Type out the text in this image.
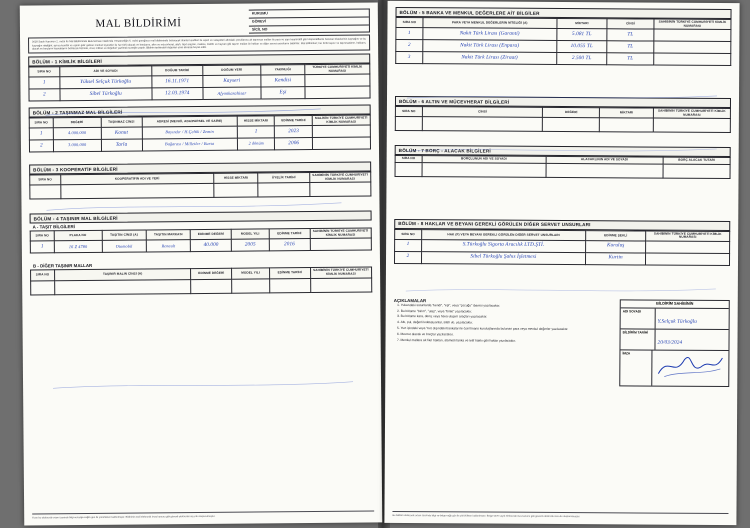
MAL BİLDİRİMİ
KURUMU
GÖREVİ
SİCİL NO
3628 Sayılı Kanunun 2. md'si ile Mal Bildiriminde Bulunulması Hakkında Yönetmeliğin 5. md'si gereğince mal bildiriminde bulunacak olanlar kendileri ile eşleri ve velayetleri altındaki çocuklarına ait taşınmaz malları ile para ve yapı kooperatifi gibi kooperatiflerde bulunan hisselerinin kaynağını ve bu kaynağın niteliğini; ayrıca kendisi ve eşinin gelir getiren menkul kıymetler ile her türlü alacak ve borçlarını, altın ve mücevherat, silah, taşıt araçları, makine, traktör ve hayvan gibi taşınır malları ile hakları ve diğer servet unsurlarını bildirirler. Mal bildirimleri; her türlü taşınır ve taşınmazların, hakların, alacak ve borçların kaynaklarını belirtecek biçimde, cinsi, miktarı ve değerleri yazılmak suretiyle yapılır. Bildirim tarihindeki değerleri esas alınarak beyan edilir.
BÖLÜM - 1 KİMLİK BİLGİLERİ
SIRA NO	ADI VE SOYADI	DOĞUM TARİHİ	DOĞUM YERİ	YAKINLIĞI	TÜRKİYE CUMHURİYETİ KİMLİK NUMARASI
1	Yüksel Selçuk Türkoğlu	16.11.1971	Kayseri	Kendisi	
2	Sibel Türkoğlu	12.03.1974	Afyonkarahisar	Eşi	
BÖLÜM - 2 TAŞINMAZ MAL BİLGİLERİ
SIRA NO	DEĞERİ	TAŞINMAZ CİNSİ	ADRESİ (MEVKİİ, ADA/PARSEL VE SAİRE)	HİSSE MİKTARI	EDİNME TARİHİ	MALİKİN TÜRKİYE CUMHURİYETİ KİMLİK NUMARASI
1	4.000.000	Konut	Bayındır / H.Çeltik / Zemin	1	2023	
2	3.000.000	Tarla	Bağarası / Milletler / Bursa	2 dönüm	2006	
BÖLÜM - 3 KOOPERATİF BİLGİLERİ
SIRA NO	KOOPERATİFİN ADI VE YERİ	HİSSE MİKTARI	ÜYELİK TARİHİ	SAHİBİNİN TÜRKİYE CUMHURİYETİ KİMLİK NUMARASI

BÖLÜM - 4 TAŞINIR MAL BİLGİLERİ
A - TAŞIT BİLGİLERİ
SIRA NO	PLAKA NO	TAŞITIN CİNSİ (A)	TAŞITIN MARKASI	EDİNME DEĞERİ	MODEL YILI	EDİNME TARİHİ	SAHİBİNİN TÜRKİYE CUMHURİYETİ KİMLİK NUMARASI
1	16 Z 4780	Otomobil	Renault	40.000	2005	2016	
B - DİĞER TAŞINIR MALLAR
SIRA NO	TAŞINIR MALIN CİNSİ (A)	EDİNME DEĞERİ	MODEL YILI	EDİNME TARİHİ	SAHİBİNİN TÜRKİYE CUMHURİYETİ KİMLİK NUMARASI

Form bu elektronik ortam üzerinde bilgi-ve-belge-sağlılı gün ile yürürlükten kaldırılmıştır. Bildirimin mali elektronik imza kanunu gibi güvenli elektronik imza ile oluşturulmuştur.
BÖLÜM - 5 BANKA VE MENKUL DEĞERLERE AİT BİLGİLER
SIRA NO	PARA VEYA MENKUL DEĞERLERİN NİTELİĞİ (A)	MİKTARI	CİNSİ	SAHİBİNİN TÜRKİYE CUMHURİYETİ KİMLİK NUMARASI
1	Nakit Türk Lirası (Garanti)	5.081 TL	TL	
2	Nakit Türk Lirası (Enpara)	10.055 TL	TL	
3	Nakit Türk Lirası (Ziraat)	2.500 TL	TL	
BÖLÜM - 6 ALTIN VE MÜCEVHERAT BİLGİLERİ
SIRA NO	CİNSİ	DEĞERİ	MİKTARI	SAHİBİNİN TÜRKİYE CUMHURİYETİ KİMLİK NUMARASI

BÖLÜM - 7 BORÇ - ALACAK BİLGİLERİ
SIRA NO	BORÇLUNUN ADI VE SOYADI	ALACAKLININ ADI VE SOYADI	BORÇ ALACAK TUTARI

BÖLÜM - 8 HAKLAR VE BEYANI GEREKLİ GÖRÜLEN DİĞER SERVET UNSURLARI
SIRA NO	HAK (F) VEYA BEYANI GEREKLİ GÖRÜLEN DİĞER SERVET UNSURLARI	EDİNME ŞEKLİ	SAHİBİNİN TÜRKİYE CUMHURİYETİ KİMLİK NUMARASI
1	S.Türkoğlu Sigorta Aracılık LTD.ŞTİ.	Kuruluş	
2	Sibel Türkoğlu Şahıs İşletmesi	Kurtin	
AÇIKLAMALAR
1. Yukarıdaki sütunlarda "kendi", "eşi", veya "çocuğu" ibaresi yazılacaktır.
2. Bu bölüme "birim", "ulaş", veya "birikt" yazılacaktır.
3. Bu bölüme kara, deniz veya hava ulaşım araçları yazılacaktır.
4. Altı, pul, değerli koleksiyonlar, silah vb. yazılacaktır.
5. Yurt içindeki veya Yurt dışındaki bankalar ile özel finans kuruluşlarında bulunan para veya menkul değerler yazılacaktır.
6. Mevcut alacak ve borçlar yazılacaktır.
7. Menkul mallara ait fikri hakları, alametli farika ve telif hakkı gibi haklar yazılacaktır.
BİLDİRİM SAHİBİNİN
ADI SOYADI
Y.Selçuk Türkoğlu
BİLDİRİM TARİHİ
20/03/2024
İMZA
Bu bildirim elektronik ortam üzerinde bilgi ve-belge-sağlı gün ile yürürlükten kaldırılmıştır. Belge 5070 sayılı elektronik imza kanunu gibi güvenli elektronik imza ile oluşturulmuştur.
